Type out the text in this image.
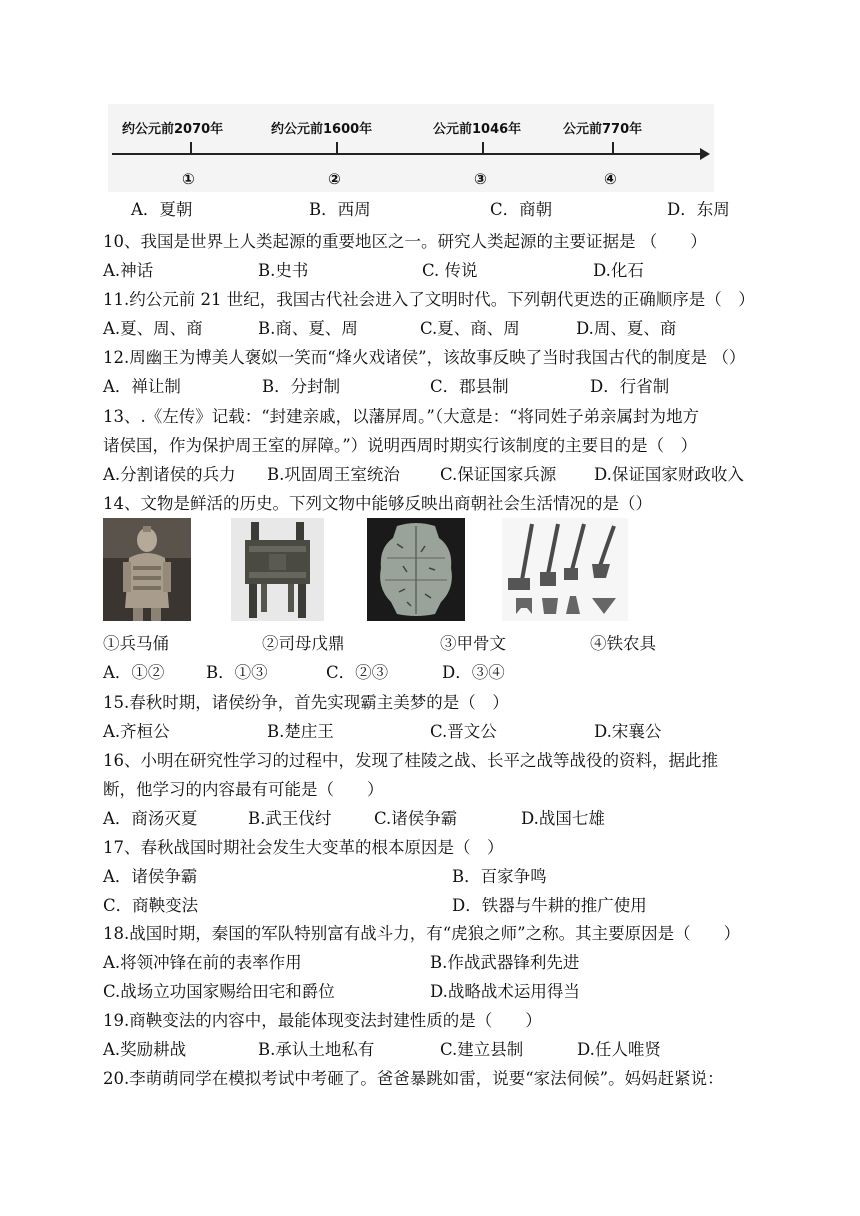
约公元前2070年	约公元前1600年	公元前1046年	公元前770年
①	②	③	④
A．夏朝	B．西周	C．商朝	D．东周
10、我国是世界上人类起源的重要地区之一。研究人类起源的主要证据是 （　　）
A.神话	B.史书	C. 传说	D.化石
11.约公元前 21 世纪，我国古代社会进入了文明时代。下列朝代更迭的正确顺序是（　）
A.夏、周、商	B.商、夏、周	C.夏、商、周	D.周、夏、商
12.周幽王为博美人褒姒一笑而“烽火戏诸侯”，该故事反映了当时我国古代的制度是 （）
A．禅让制	B．分封制	C．郡县制	D．行省制
13、.《左传》记载：“封建亲戚，以藩屏周。”（大意是：“将同姓子弟亲属封为地方
诸侯国，作为保护周王室的屏障。”）说明西周时期实行该制度的主要目的是（　）
A.分割诸侯的兵力 B.巩固周王室统治 C.保证国家兵源 D.保证国家财政收入
14、文物是鲜活的历史。下列文物中能够反映出商朝社会生活情况的是（）
①兵马俑	②司母戊鼎	③甲骨文	④铁农具
A．①②	B．①③	C．②③	D．③④
15.春秋时期，诸侯纷争，首先实现霸主美梦的是（　）
A.齐桓公	B.楚庄王	C.晋文公	D.宋襄公
16、小明在研究性学习的过程中，发现了桂陵之战、长平之战等战役的资料，据此推
断，他学习的内容最有可能是（　　）
A．商汤灭夏	B.武王伐纣	C.诸侯争霸	D.战国七雄
17、春秋战国时期社会发生大变革的根本原因是（　）
A．诸侯争霸	B．百家争鸣
C．商鞅变法	D．铁器与牛耕的推广使用
18.战国时期，秦国的军队特别富有战斗力，有“虎狼之师”之称。其主要原因是（　　）
A.将领冲锋在前的表率作用	B.作战武器锋利先进
C.战场立功国家赐给田宅和爵位	D.战略战术运用得当
19.商鞅变法的内容中，最能体现变法封建性质的是（　　）
A.奖励耕战	B.承认土地私有	C.建立县制	D.任人唯贤
20.李萌萌同学在模拟考试中考砸了。爸爸暴跳如雷，说要“家法伺候”。妈妈赶紧说：
